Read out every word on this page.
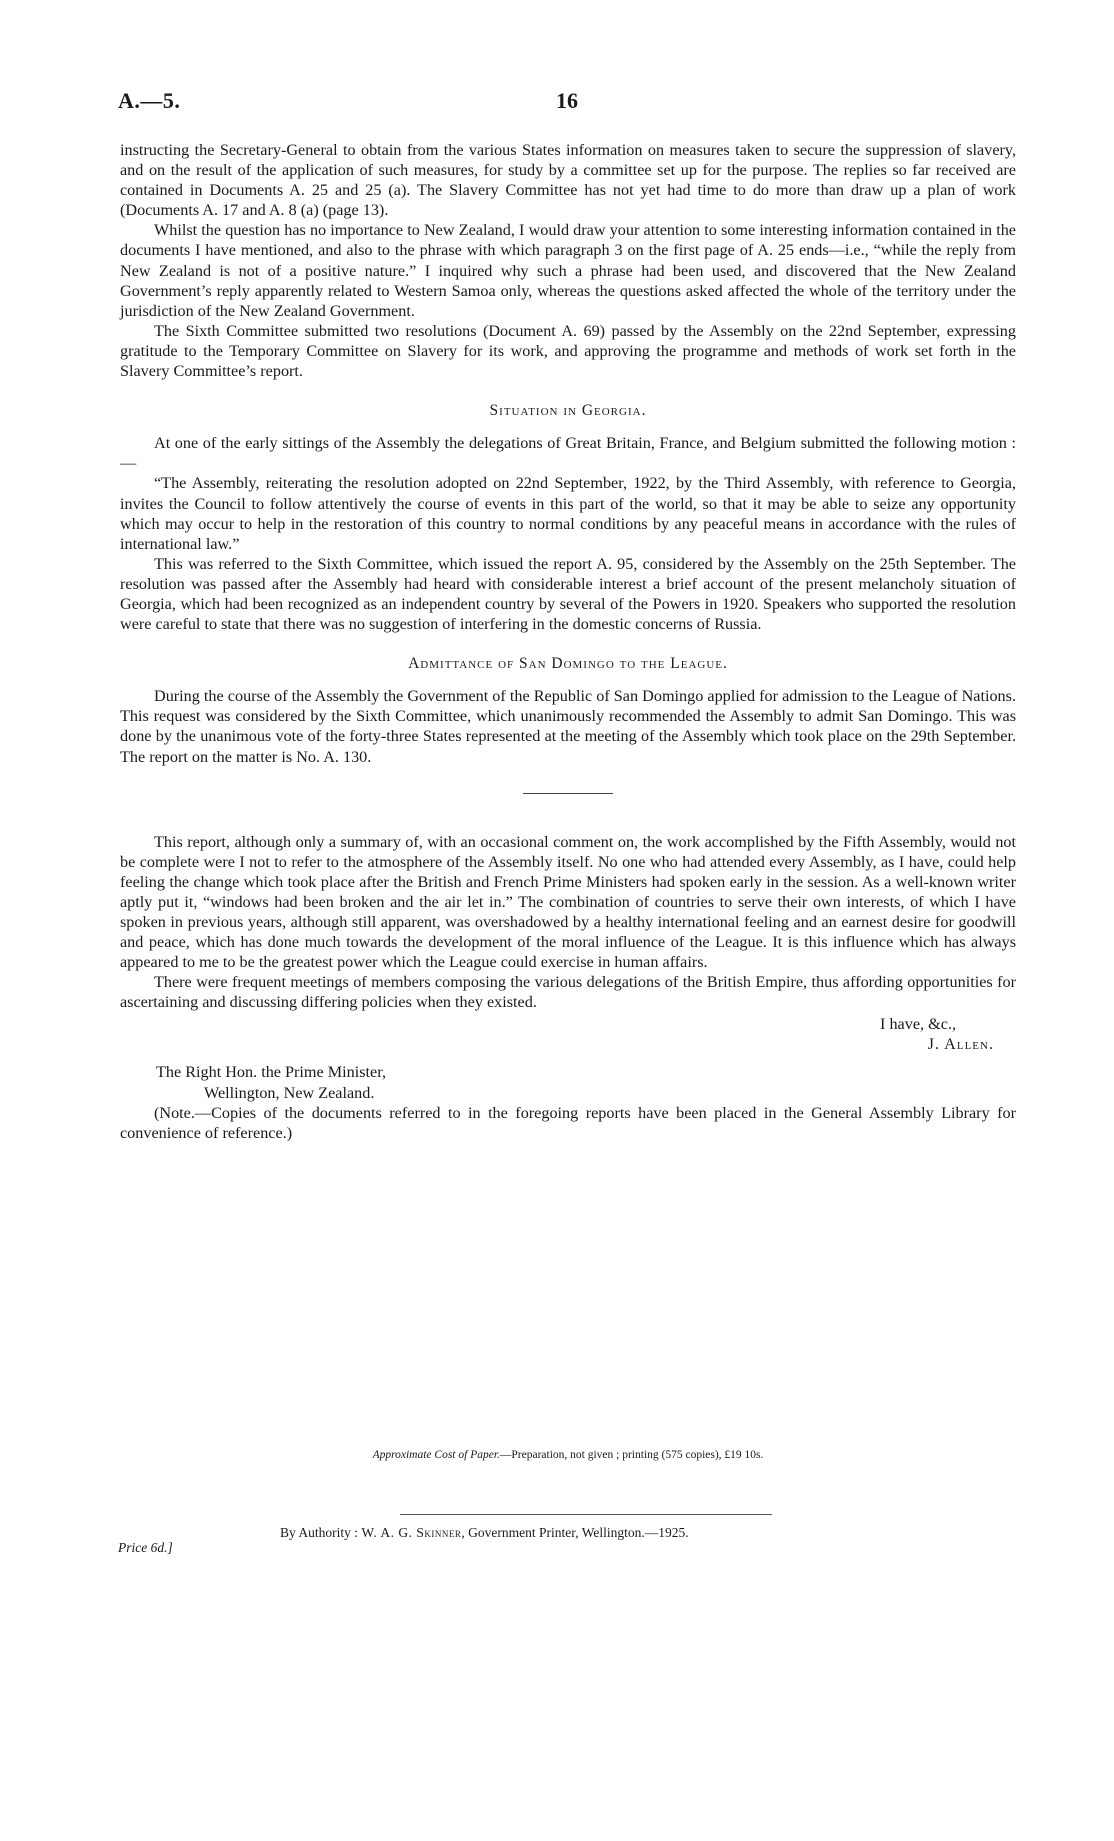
A.—5.	16

instructing the Secretary-General to obtain from the various States information on measures taken to secure the suppression of slavery, and on the result of the application of such measures, for study by a committee set up for the purpose. The replies so far received are contained in Documents A. 25 and 25 (a). The Slavery Committee has not yet had time to do more than draw up a plan of work (Documents A. 17 and A. 8 (a) (page 13).

Whilst the question has no importance to New Zealand, I would draw your attention to some interesting information contained in the documents I have mentioned, and also to the phrase with which paragraph 3 on the first page of A. 25 ends—i.e., “while the reply from New Zealand is not of a positive nature.” I inquired why such a phrase had been used, and discovered that the New Zealand Government’s reply apparently related to Western Samoa only, whereas the questions asked affected the whole of the territory under the jurisdiction of the New Zealand Government.

The Sixth Committee submitted two resolutions (Document A. 69) passed by the Assembly on the 22nd September, expressing gratitude to the Temporary Committee on Slavery for its work, and approving the programme and methods of work set forth in the Slavery Committee’s report.

Situation in Georgia.

At one of the early sittings of the Assembly the delegations of Great Britain, France, and Belgium submitted the following motion :—

“The Assembly, reiterating the resolution adopted on 22nd September, 1922, by the Third Assembly, with reference to Georgia, invites the Council to follow attentively the course of events in this part of the world, so that it may be able to seize any opportunity which may occur to help in the restoration of this country to normal conditions by any peaceful means in accordance with the rules of international law.”

This was referred to the Sixth Committee, which issued the report A. 95, considered by the Assembly on the 25th September. The resolution was passed after the Assembly had heard with considerable interest a brief account of the present melancholy situation of Georgia, which had been recognized as an independent country by several of the Powers in 1920. Speakers who supported the resolution were careful to state that there was no suggestion of interfering in the domestic concerns of Russia.

Admittance of San Domingo to the League.

During the course of the Assembly the Government of the Republic of San Domingo applied for admission to the League of Nations. This request was considered by the Sixth Committee, which unanimously recommended the Assembly to admit San Domingo. This was done by the unanimous vote of the forty-three States represented at the meeting of the Assembly which took place on the 29th September. The report on the matter is No. A. 130.

This report, although only a summary of, with an occasional comment on, the work accomplished by the Fifth Assembly, would not be complete were I not to refer to the atmosphere of the Assembly itself. No one who had attended every Assembly, as I have, could help feeling the change which took place after the British and French Prime Ministers had spoken early in the session. As a well-known writer aptly put it, “windows had been broken and the air let in.” The combination of countries to serve their own interests, of which I have spoken in previous years, although still apparent, was overshadowed by a healthy international feeling and an earnest desire for goodwill and peace, which has done much towards the development of the moral influence of the League. It is this influence which has always appeared to me to be the greatest power which the League could exercise in human affairs.

There were frequent meetings of members composing the various delegations of the British Empire, thus affording opportunities for ascertaining and discussing differing policies when they existed.

I have, &c.,
J. Allen.
The Right Hon. the Prime Minister,
Wellington, New Zealand.

(Note.—Copies of the documents referred to in the foregoing reports have been placed in the General Assembly Library for convenience of reference.)

Approximate Cost of Paper.—Preparation, not given ; printing (575 copies), £19 10s.
By Authority : W. A. G. Skinner, Government Printer, Wellington.—1925.
Price 6d.]
